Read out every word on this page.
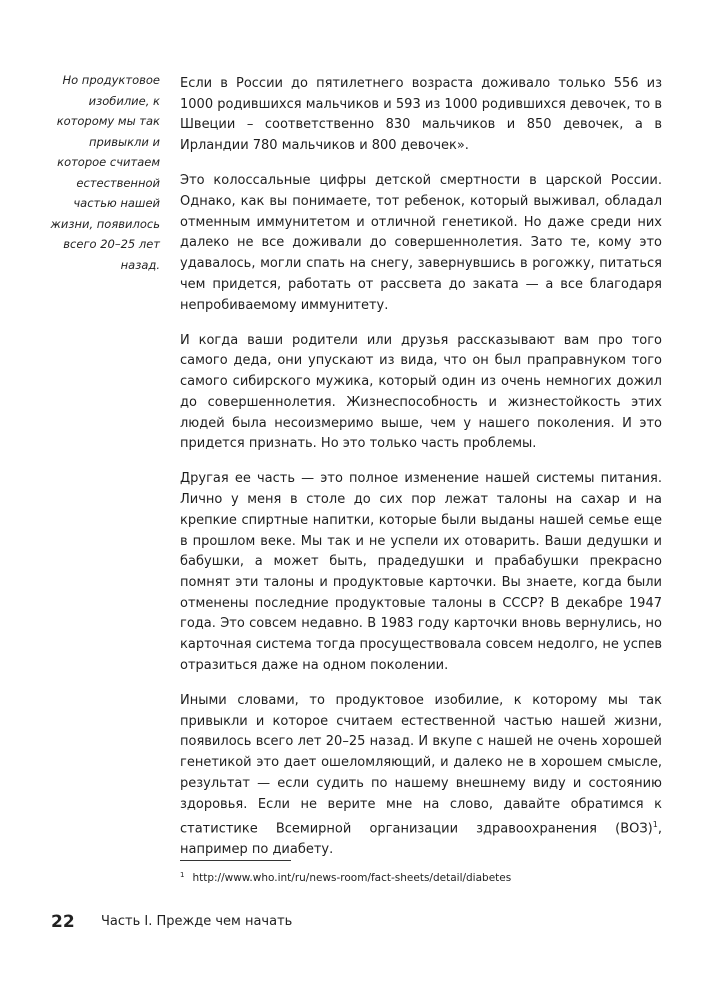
Но продуктовое изобилие, к которому мы так привыкли и которое считаем естественной частью нашей жизни, появилось всего 20–25 лет назад.

Если в России до пятилетнего возраста доживало только 556 из 1000 родившихся мальчиков и 593 из 1000 родившихся девочек, то в Швеции – соответственно 830 мальчиков и 850 девочек, а в Ирландии 780 мальчиков и 800 девочек».

Это колоссальные цифры детской смертности в царской России. Однако, как вы понимаете, тот ребенок, который выживал, обладал отменным иммунитетом и отличной генетикой. Но даже среди них далеко не все доживали до совершеннолетия. Зато те, кому это удавалось, могли спать на снегу, завернувшись в рогожку, питаться чем придется, работать от рассвета до заката — а все благодаря непробиваемому иммунитету.

И когда ваши родители или друзья рассказывают вам про того самого деда, они упускают из вида, что он был праправнуком того самого сибирского мужика, который один из очень немногих дожил до совершеннолетия. Жизнеспособность и жизнестойкость этих людей была несоизмеримо выше, чем у нашего поколения. И это придется признать. Но это только часть проблемы.

Другая ее часть — это полное изменение нашей системы питания. Лично у меня в столе до сих пор лежат талоны на сахар и на крепкие спиртные напитки, которые были выданы нашей семье еще в прошлом веке. Мы так и не успели их отоварить. Ваши дедушки и бабушки, а может быть, прадедушки и прабабушки прекрасно помнят эти талоны и продуктовые карточки. Вы знаете, когда были отменены последние продуктовые талоны в СССР? В декабре 1947 года. Это совсем недавно. В 1983 году карточки вновь вернулись, но карточная система тогда просуществовала совсем недолго, не успев отразиться даже на одном поколении.

Иными словами, то продуктовое изобилие, к которому мы так привыкли и которое считаем естественной частью нашей жизни, появилось всего лет 20–25 назад. И вкупе с нашей не очень хорошей генетикой это дает ошеломляющий, и далеко не в хорошем смысле, результат — если судить по нашему внешнему виду и состоянию здоровья. Если не верите мне на слово, давайте обратимся к статистике Всемирной организации здравоохранения (ВОЗ)$^1$, например по диабету.

$^1$ http://www.who.int/ru/news-room/fact-sheets/detail/diabetes
22 Часть I. Прежде чем начать
